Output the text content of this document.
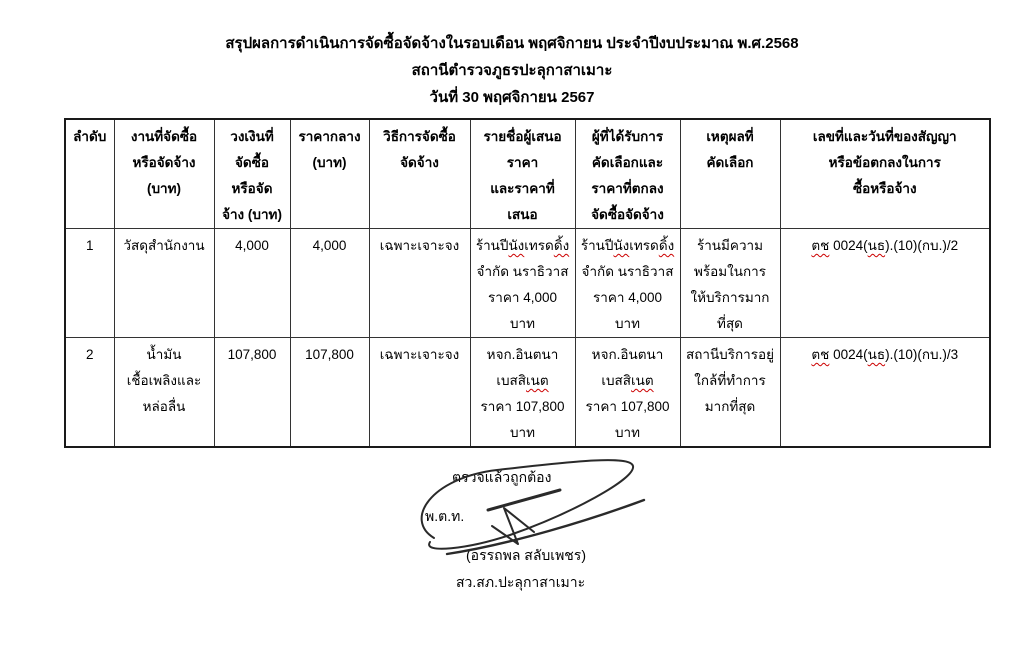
สรุปผลการดำเนินการจัดซื้อจัดจ้างในรอบเดือน พฤศจิกายน ประจำปีงบประมาณ พ.ศ.2568
สถานีตำรวจภูธรปะลุกาสาเมาะ
วันที่ 30 พฤศจิกายน 2567
ลำดับ	งานที่จัดซื้อ
หรือจัดจ้าง
(บาท)	วงเงินที่
จัดซื้อ
หรือจัด
จ้าง (บาท)	ราคากลาง
(บาท)	วิธีการจัดซื้อ
จัดจ้าง	รายชื่อผู้เสนอ
ราคา
และราคาที่
เสนอ	ผู้ที่ได้รับการ
คัดเลือกและ
ราคาที่ตกลง
จัดซื้อจัดจ้าง	เหตุผลที่
คัดเลือก	เลขที่และวันที่ของสัญญา
หรือข้อตกลงในการ
ซื้อหรือจ้าง
1	วัสดุสำนักงาน	4,000	4,000	เฉพาะเจาะจง	ร้านปีนังเทรดดิ้ง
จำกัด นราธิวาส
ราคา 4,000
บาท	ร้านปีนังเทรดดิ้ง
จำกัด นราธิวาส
ราคา 4,000
บาท	ร้านมีความ
พร้อมในการ
ให้บริการมาก
ที่สุด	ตช 0024(นธ).(10)(กบ.)/2
2	น้ำมัน
เชื้อเพลิงและ
หล่อลื่น	107,800	107,800	เฉพาะเจาะจง	หจก.อินตนา
เบสสิเนต
ราคา 107,800
บาท	หจก.อินตนา
เบสสิเนต
ราคา 107,800
บาท	สถานีบริการอยู่
ใกล้ที่ทำการ
มากที่สุด	ตช 0024(นธ).(10)(กบ.)/3
ตรวจแล้วถูกต้อง
พ.ต.ท.
(อรรถพล สลับเพชร)
สว.สภ.ปะลุกาสาเมาะ
